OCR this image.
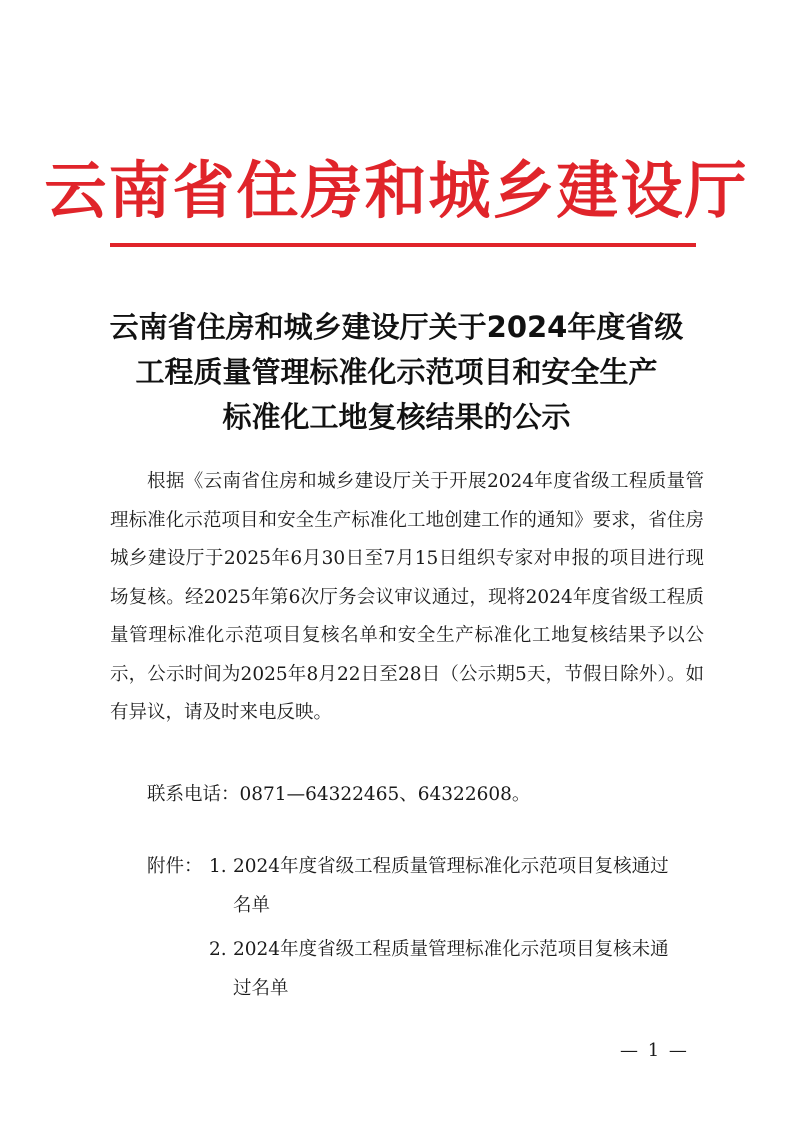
云南省住房和城乡建设厅
云南省住房和城乡建设厅关于2024年度省级
工程质量管理标准化示范项目和安全生产
标准化工地复核结果的公示

根据《云南省住房和城乡建设厅关于开展2024年度省级工程质量管理标准化示范项目和安全生产标准化工地创建工作的通知》要求，省住房城乡建设厅于2025年6月30日至7月15日组织专家对申报的项目进行现场复核。经2025年第6次厅务会议审议通过，现将2024年度省级工程质量管理标准化示范项目复核名单和安全生产标准化工地复核结果予以公示，公示时间为2025年8月22日至28日（公示期5天，节假日除外）。如有异议，请及时来电反映。

联系电话：0871—64322465、64322608。
附件： 1. 2024年度省级工程质量管理标准化示范项目复核通过名单
2. 2024年度省级工程质量管理标准化示范项目复核未通过名单
— 1 —
